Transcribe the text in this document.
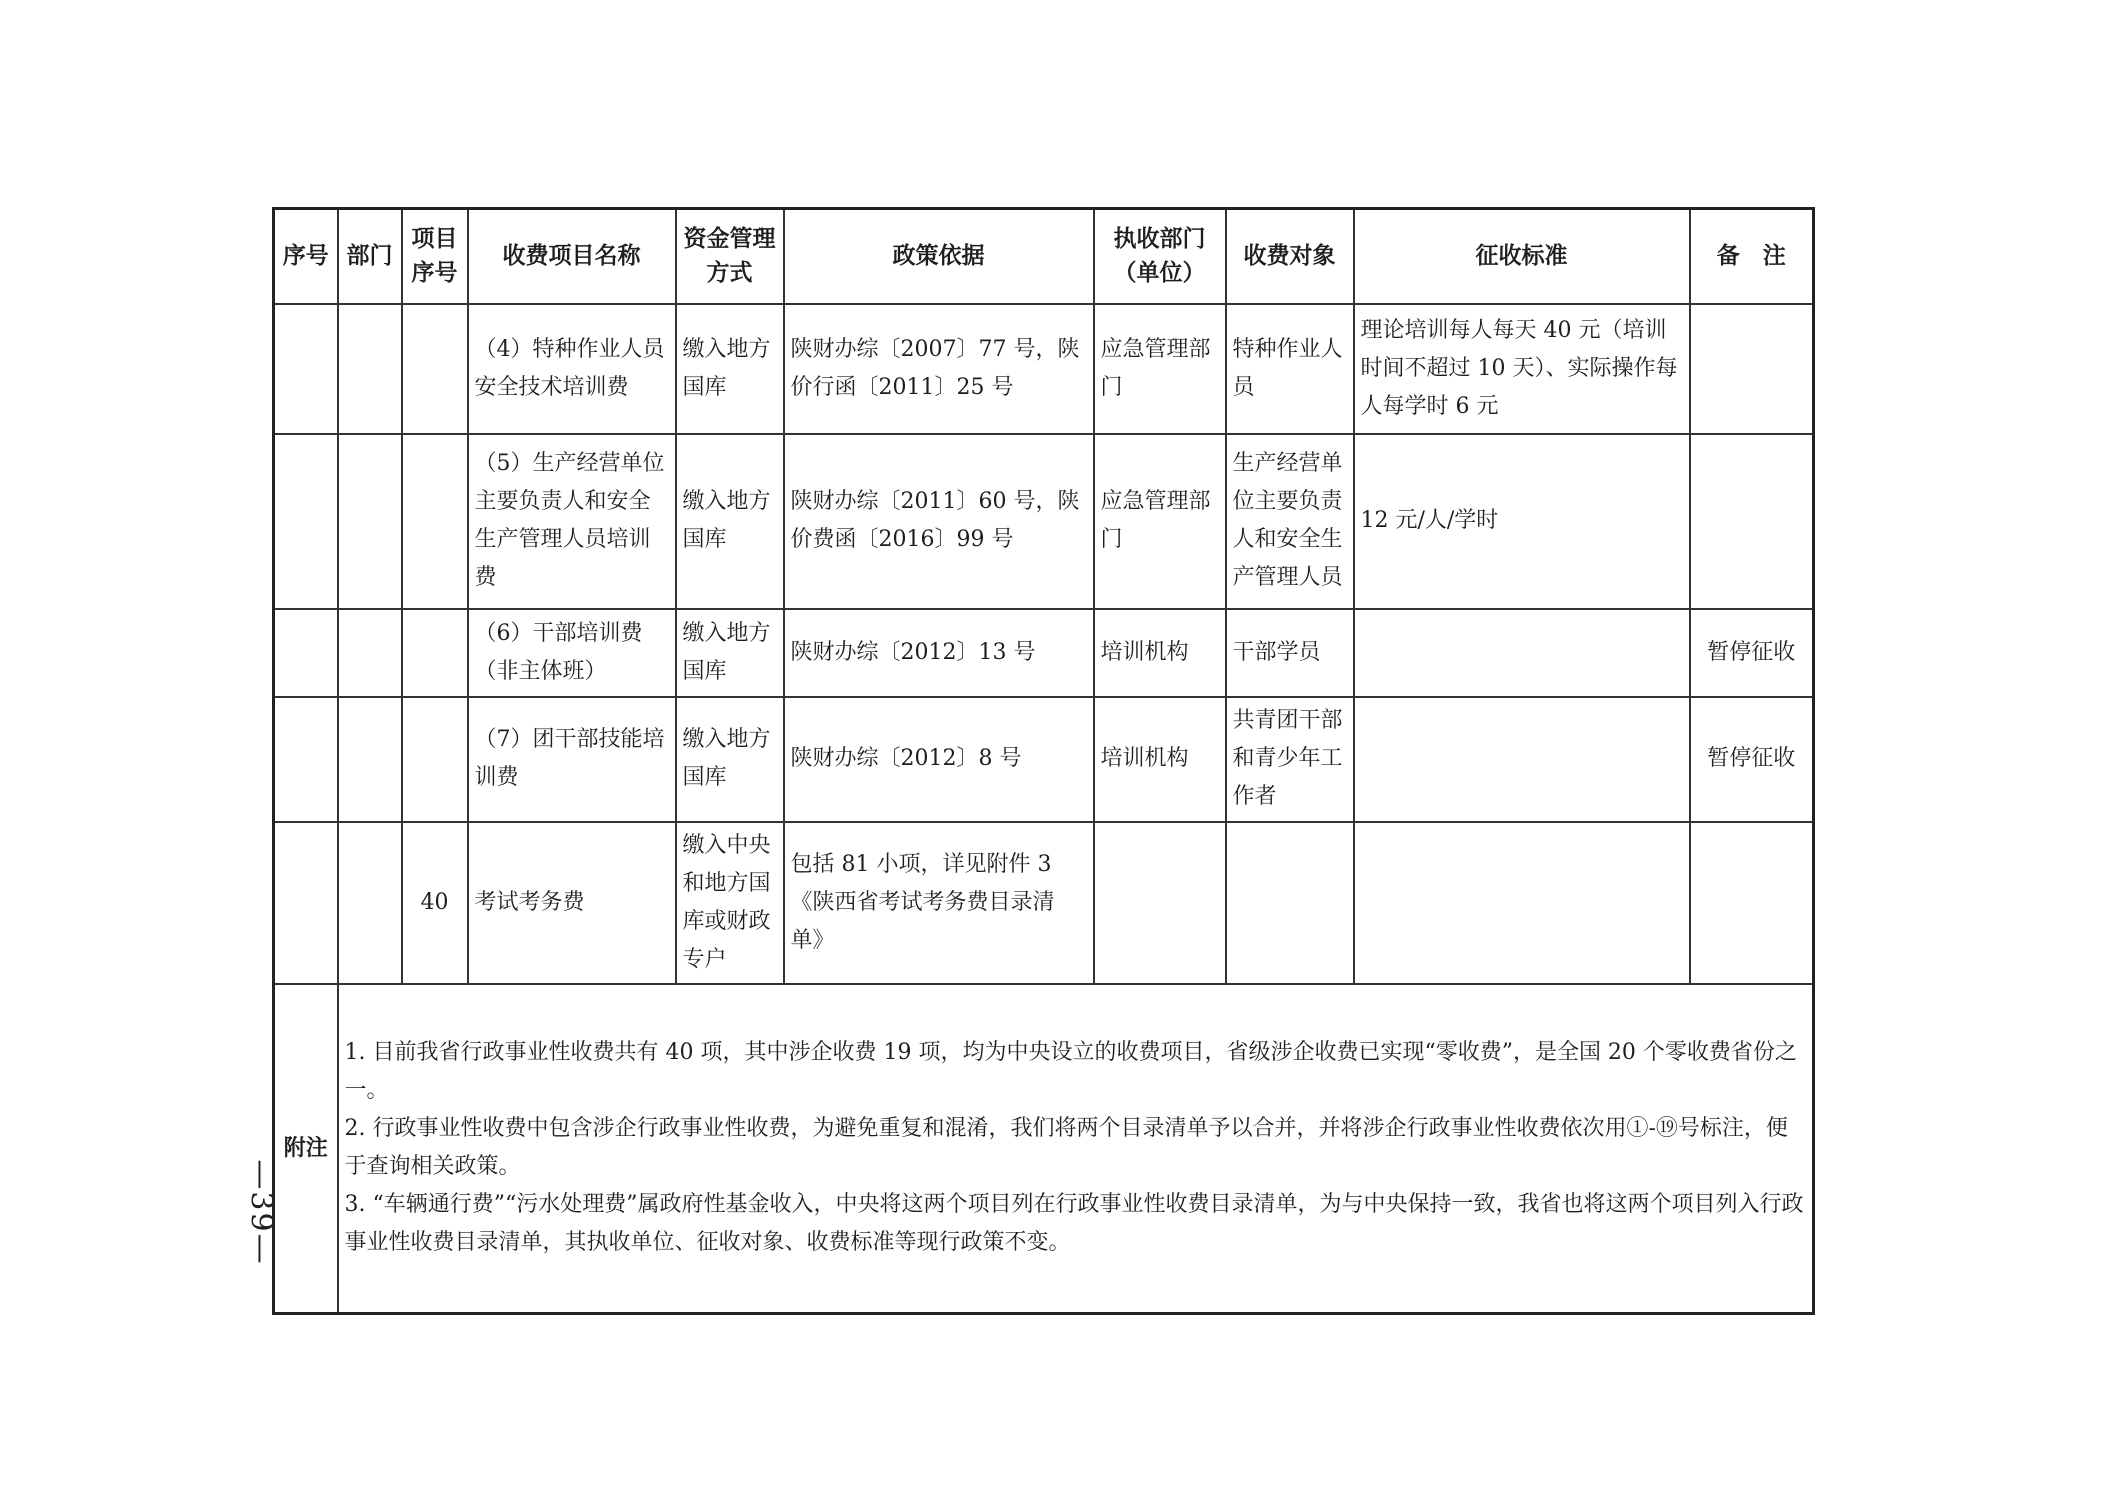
—39—
序号	部门	项目序号	收费项目名称	资金管理方式	政策依据	执收部门（单位）	收费对象	征收标准	备　注
			（4）特种作业人员安全技术培训费	缴入地方国库	陕财办综〔2007〕77 号，陕价行函〔2011〕25 号	应急管理部门	特种作业人员	理论培训每人每天 40 元（培训时间不超过 10 天）、实际操作每人每学时 6 元	
			（5）生产经营单位主要负责人和安全生产管理人员培训费	缴入地方国库	陕财办综〔2011〕60 号，陕价费函〔2016〕99 号	应急管理部门	生产经营单位主要负责人和安全生产管理人员	12 元/人/学时	
			（6）干部培训费（非主体班）	缴入地方国库	陕财办综〔2012〕13 号	培训机构	干部学员		暂停征收
			（7）团干部技能培训费	缴入地方国库	陕财办综〔2012〕8 号	培训机构	共青团干部和青少年工作者		暂停征收
		40	考试考务费	缴入中央和地方国库或财政专户	包括 81 小项，详见附件 3《陕西省考试考务费目录清单》				
附注	1. 目前我省行政事业性收费共有 40 项，其中涉企收费 19 项，均为中央设立的收费项目，省级涉企收费已实现“零收费”，是全国 20 个零收费省份之一。
2. 行政事业性收费中包含涉企行政事业性收费，为避免重复和混淆，我们将两个目录清单予以合并，并将涉企行政事业性收费依次用①-⑲号标注，便于查询相关政策。
3. “车辆通行费”“污水处理费”属政府性基金收入，中央将这两个项目列在行政事业性收费目录清单，为与中央保持一致，我省也将这两个项目列入行政事业性收费目录清单，其执收单位、征收对象、收费标准等现行政策不变。								
